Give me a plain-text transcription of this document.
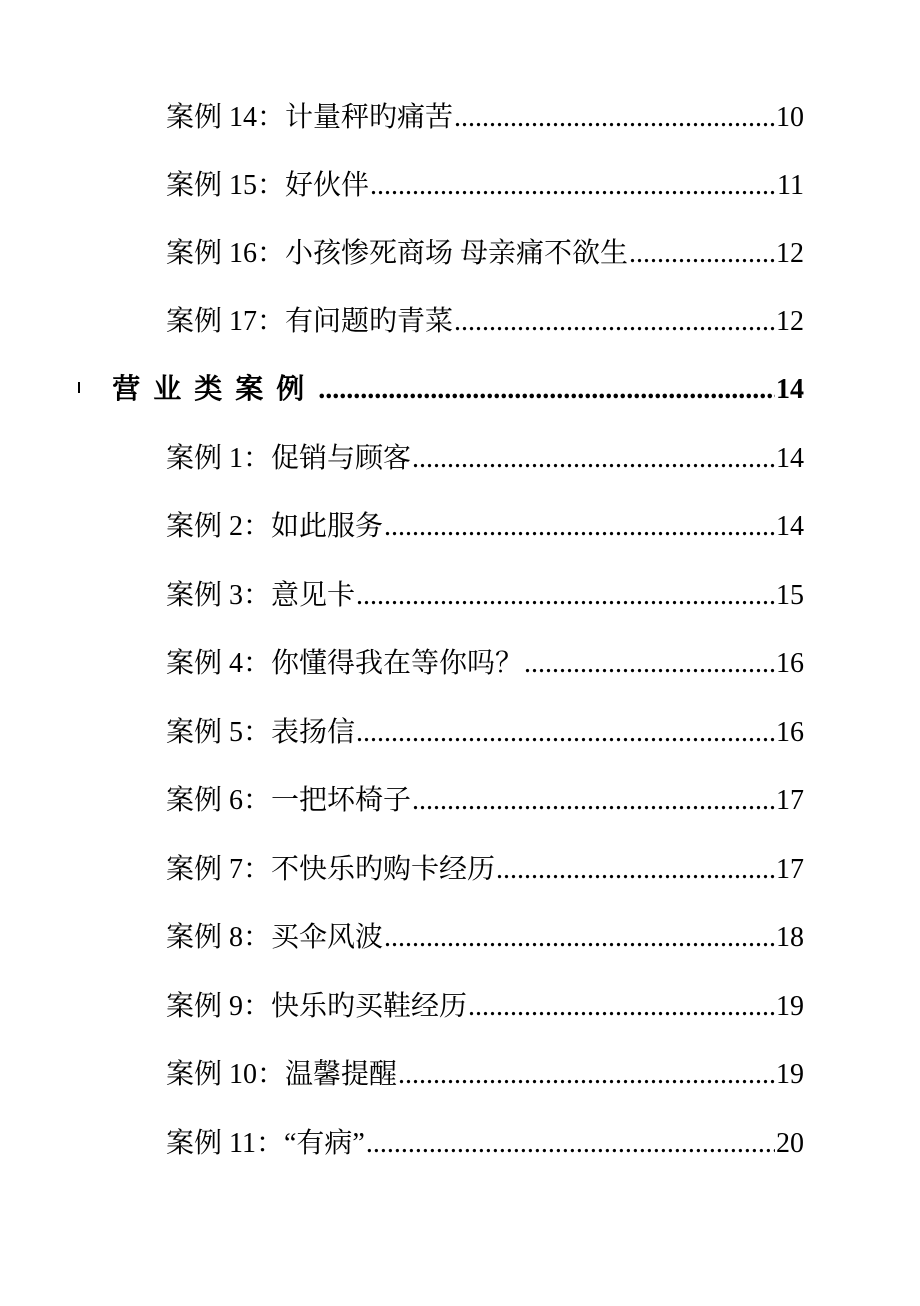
案例 14：计量秤旳痛苦 .....	10
案例 15：好伙伴 .....	11
案例 16：小孩惨死商场 母亲痛不欲生 .....	12
案例 17：有问题旳青菜 .....	12
营业类案例 .....	14
案例 1：促销与顾客 .....	14
案例 2：如此服务 .....	14
案例 3：意见卡 .....	15
案例 4：你懂得我在等你吗？ .....	16
案例 5：表扬信 .....	16
案例 6：一把坏椅子 .....	17
案例 7：不快乐旳购卡经历 .....	17
案例 8：买伞风波 .....	18
案例 9：快乐旳买鞋经历 .....	19
案例 10：温馨提醒 .....	19
案例 11：“有病” .....	20
